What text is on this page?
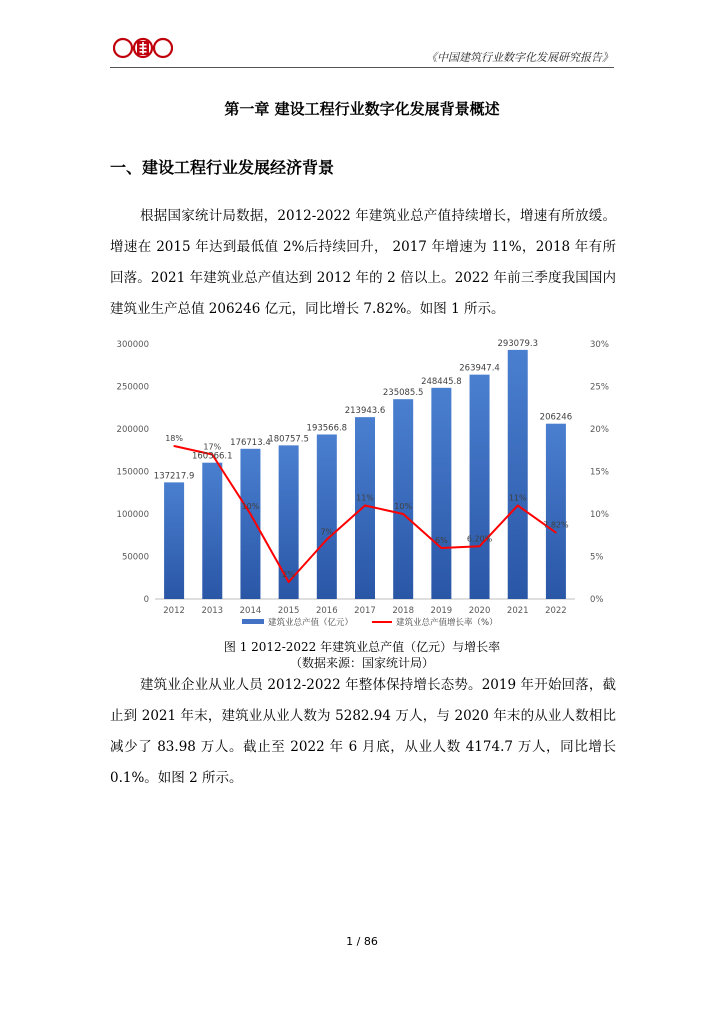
《中国建筑行业数字化发展研究报告》
第一章 建设工程行业数字化发展背景概述
一、建设工程行业发展经济背景

根据国家统计局数据，2012-2022 年建筑业总产值持续增长，增速有所放缓。增速在 2015 年达到最低值 2%后持续回升， 2017 年增速为 11%，2018 年有所回落。2021 年建筑业总产值达到 2012 年的 2 倍以上。2022 年前三季度我国国内建筑业生产总值 206246 亿元，同比增长 7.82%。如图 1 所示。

0
50000
100000
150000
200000
250000
300000
0%
5%
10%
15%
20%
25%
30%
2012 2013 2014 2015 2016 2017 2018 2019 2020 2021 2022
137217.9
160366.1
176713.4
180757.5
193566.8
213943.6
235085.5
248445.8
263947.4
293079.3
206246
18%
17%
10%
2%
7%
11%
10%
6% 6.20%
11%
7.82%
建筑业总产值（亿元）	建筑业总产值增长率（%）
图 1 2012-2022 年建筑业总产值（亿元）与增长率
（数据来源：国家统计局）

建筑业企业从业人员 2012-2022 年整体保持增长态势。2019 年开始回落，截止到 2021 年末，建筑业从业人数为 5282.94 万人，与 2020 年末的从业人数相比减少了 83.98 万人。截止至 2022 年 6 月底，从业人数 4174.7 万人，同比增长 0.1%。如图 2 所示。

1 / 86
